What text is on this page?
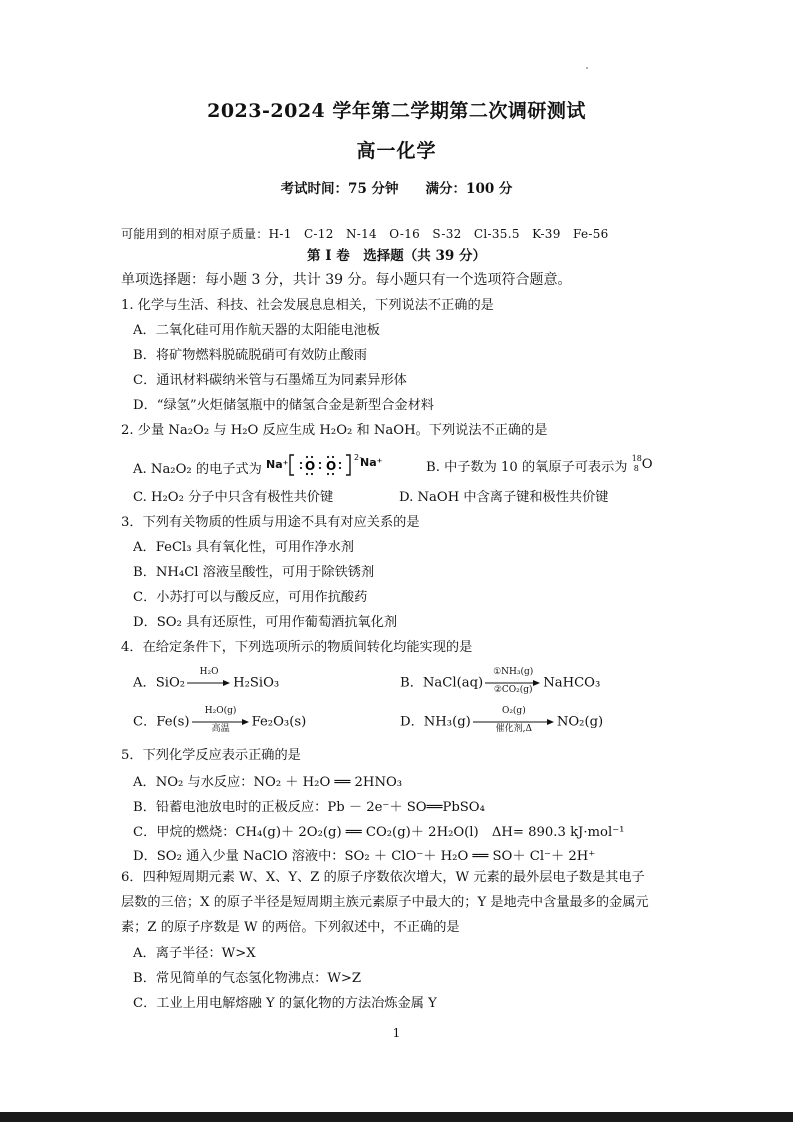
2023-2024 学年第二学期第二次调研测试
高一化学
考试时间：75 分钟　　满分：100 分
可能用到的相对原子质量：H-1　C-12　N-14　O-16　S-32　Cl-35.5　K-39　Fe-56
第 I 卷　选择题（共 39 分）
单项选择题：每小题 3 分，共计 39 分。每小题只有一个选项符合题意。
1. 化学与生活、科技、社会发展息息相关，下列说法不正确的是
A．二氧化硅可用作航天器的太阳能电池板
B．将矿物燃料脱硫脱硝可有效防止酸雨
C．通讯材料碳纳米管与石墨烯互为同素异形体
D．“绿氢”火炬储氢瓶中的储氢合金是新型合金材料
2. 少量 Na₂O₂ 与 H₂O 反应生成 H₂O₂ 和 NaOH。下列说法不正确的是
A. Na₂O₂ 的电子式为 Na⁺ O O
2-
Na⁺	B. 中子数为 10 的氧原子可表示为
18
8 O
C. H₂O₂ 分子中只含有极性共价键	D. NaOH 中含离子键和极性共价键
3．下列有关物质的性质与用途不具有对应关系的是
A．FeCl₃ 具有氧化性，可用作净水剂
B．NH₄Cl 溶液呈酸性，可用于除铁锈剂
C．小苏打可以与酸反应，可用作抗酸药
D．SO₂ 具有还原性，可用作葡萄酒抗氧化剂
4．在给定条件下，下列选项所示的物质间转化均能实现的是
A．SiO₂
H₂O
H₂SiO₃	B．NaCl(aq)
①NH₃(g)
②CO₂(g) NaHCO₃
C．Fe(s)
H₂O(g)
高温	Fe₂O₃(s)	D．NH₃(g)
O₂(g)
催化剂,Δ	NO₂(g)
5．下列化学反应表示正确的是
A．NO₂ 与水反应：NO₂ ＋ H₂O ══ 2HNO₃
B．铅蓄电池放电时的正极反应：Pb － 2e⁻＋ SO══PbSO₄
C．甲烷的燃烧：CH₄(g)＋ 2O₂(g) ══ CO₂(g)＋ 2H₂O(l)　ΔH= 890.3 kJ·mol⁻¹
D．SO₂ 通入少量 NaClO 溶液中：SO₂ ＋ ClO⁻＋ H₂O ══ SO＋ Cl⁻＋ 2H⁺
6．四种短周期元素 W、X、Y、Z 的原子序数依次增大，W 元素的最外层电子数是其电子
层数的三倍；X 的原子半径是短周期主族元素原子中最大的；Y 是地壳中含量最多的金属元
素；Z 的原子序数是 W 的两倍。下列叙述中，不正确的是
A．离子半径：W>X
B．常见简单的气态氢化物沸点：W>Z
C．工业上用电解熔融 Y 的氯化物的方法冶炼金属 Y
1
